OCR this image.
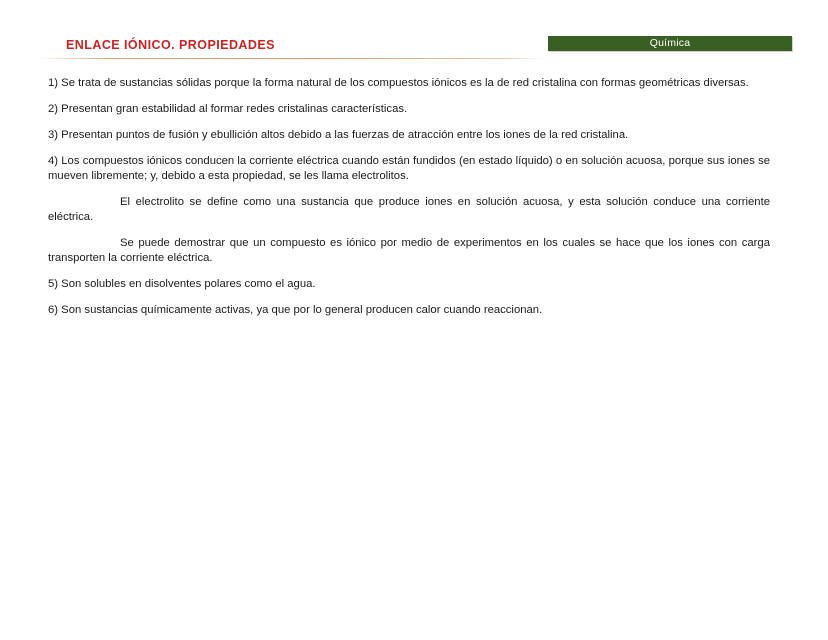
ENLACE IÓNICO. PROPIEDADES	Química

1) Se trata de sustancias sólidas porque la forma natural de los compuestos iónicos es la de red cristalina con formas geométricas diversas.

2) Presentan gran estabilidad al formar redes cristalinas características.

3) Presentan puntos de fusión y ebullición altos debido a las fuerzas de atracción entre los iones de la red cristalina.

4) Los compuestos iónicos conducen la corriente eléctrica cuando están fundidos (en estado líquido) o en solución acuosa, porque sus iones se mueven libremente; y, debido a esta propiedad, se les llama electrolitos.

El electrolito se define como una sustancia que produce iones en solución acuosa, y esta solución conduce una corriente eléctrica.

Se puede demostrar que un compuesto es iónico por medio de experimentos en los cuales se hace que los iones con carga transporten la corriente eléctrica.

5) Son solubles en disolventes polares como el agua.

6) Son sustancias químicamente activas, ya que por lo general producen calor cuando reaccionan.
